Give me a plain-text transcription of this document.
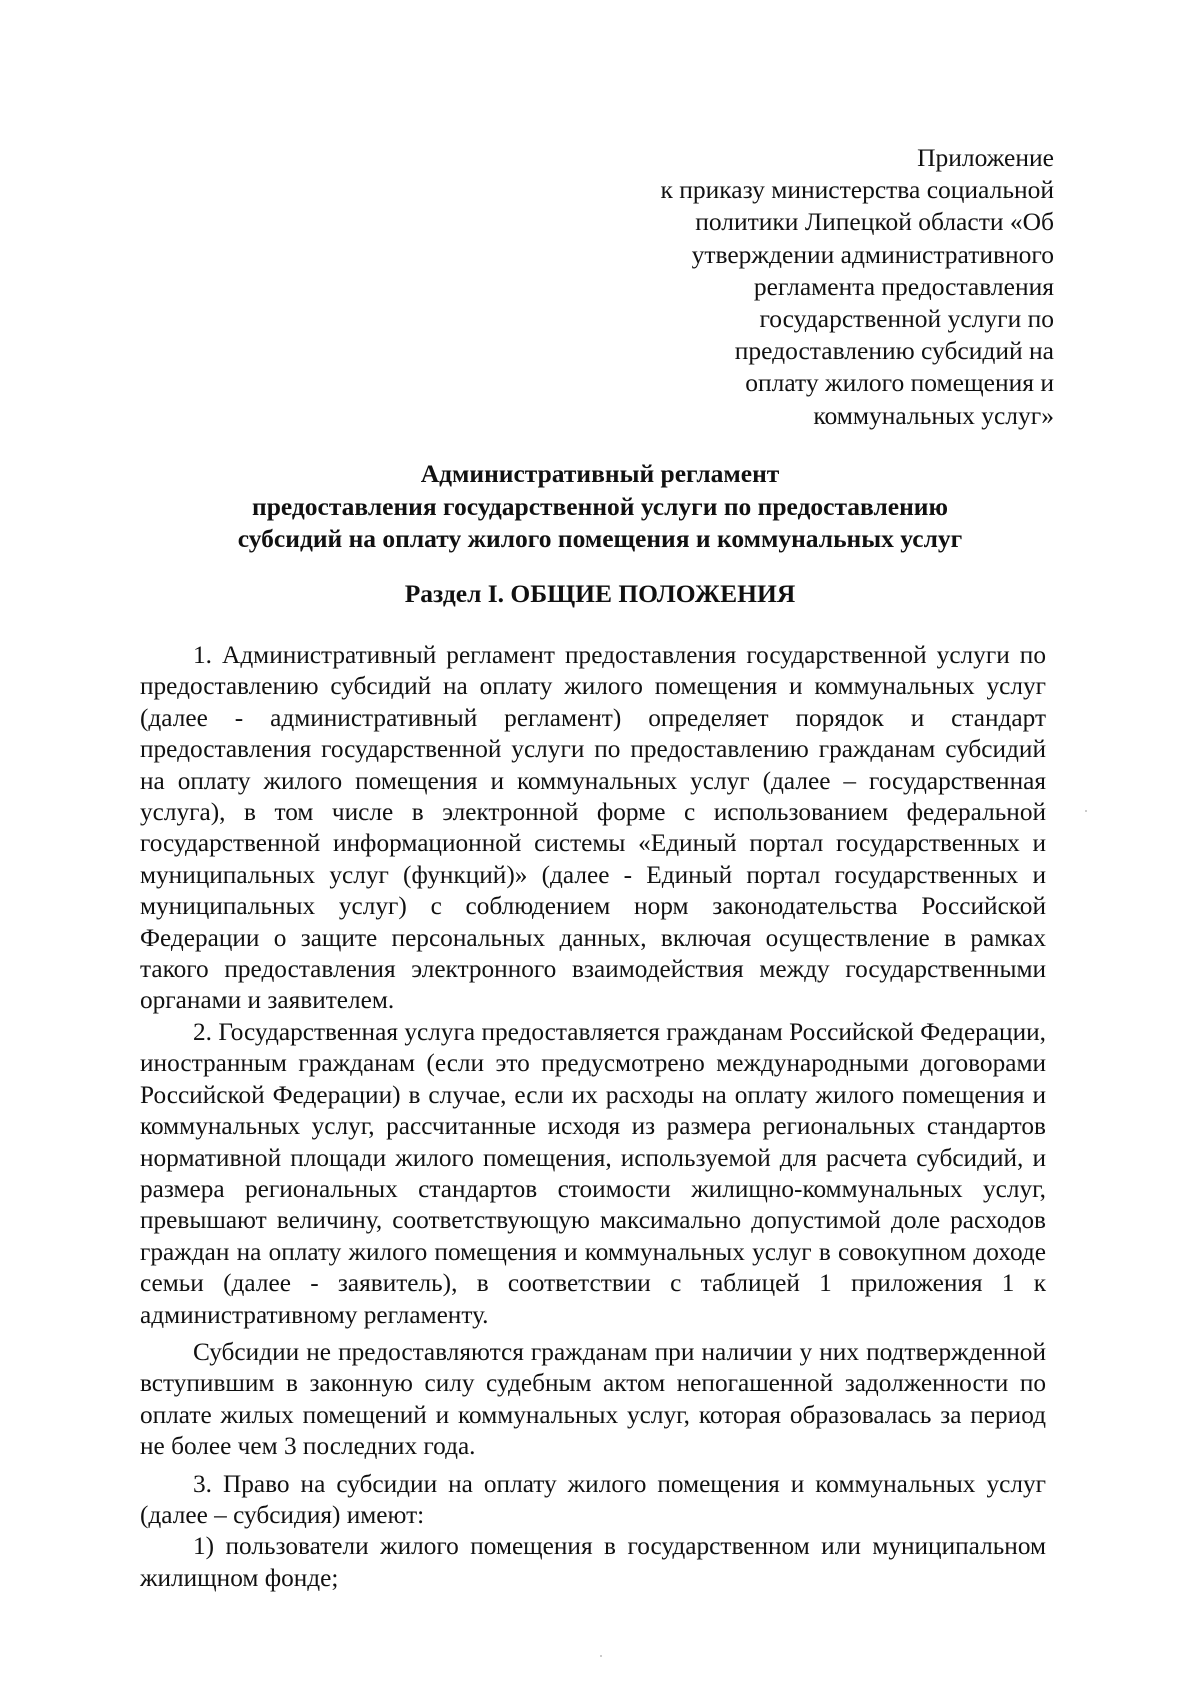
Приложение
к приказу министерства социальной
политики Липецкой области «Об
утверждении административного
регламента предоставления
государственной услуги по
предоставлению субсидий на
оплату жилого помещения и
коммунальных услуг»
Административный регламент
предоставления государственной услуги по предоставлению
субсидий на оплату жилого помещения и коммунальных услуг
Раздел I. ОБЩИЕ ПОЛОЖЕНИЯ

1. Административный регламент предоставления государственной услуги по предоставлению субсидий на оплату жилого помещения и коммунальных услуг (далее - административный регламент) определяет порядок и стандарт предоставления государственной услуги по предоставлению гражданам субсидий на оплату жилого помещения и коммунальных услуг (далее – государственная услуга), в том числе в электронной форме с использованием федеральной государственной информационной системы «Единый портал государственных и муниципальных услуг (функций)» (далее - Единый портал государственных и муниципальных услуг) с соблюдением норм законодательства Российской Федерации о защите персональных данных, включая осуществление в рамках такого предоставления электронного взаимодействия между государственными органами и заявителем.

2. Государственная услуга предоставляется гражданам Российской Федерации, иностранным гражданам (если это предусмотрено международными договорами Российской Федерации) в случае, если их расходы на оплату жилого помещения и коммунальных услуг, рассчитанные исходя из размера региональных стандартов нормативной площади жилого помещения, используемой для расчета субсидий, и размера региональных стандартов стоимости жилищно-коммунальных услуг, превышают величину, соответствующую максимально допустимой доле расходов граждан на оплату жилого помещения и коммунальных услуг в совокупном доходе семьи (далее - заявитель), в соответствии с таблицей 1 приложения 1 к административному регламенту.

Субсидии не предоставляются гражданам при наличии у них подтвержденной вступившим в законную силу судебным актом непогашенной задолженности по оплате жилых помещений и коммунальных услуг, которая образовалась за период не более чем 3 последних года.

3. Право на субсидии на оплату жилого помещения и коммунальных услуг (далее – субсидия) имеют:

1) пользователи жилого помещения в государственном или муниципальном жилищном фонде;
